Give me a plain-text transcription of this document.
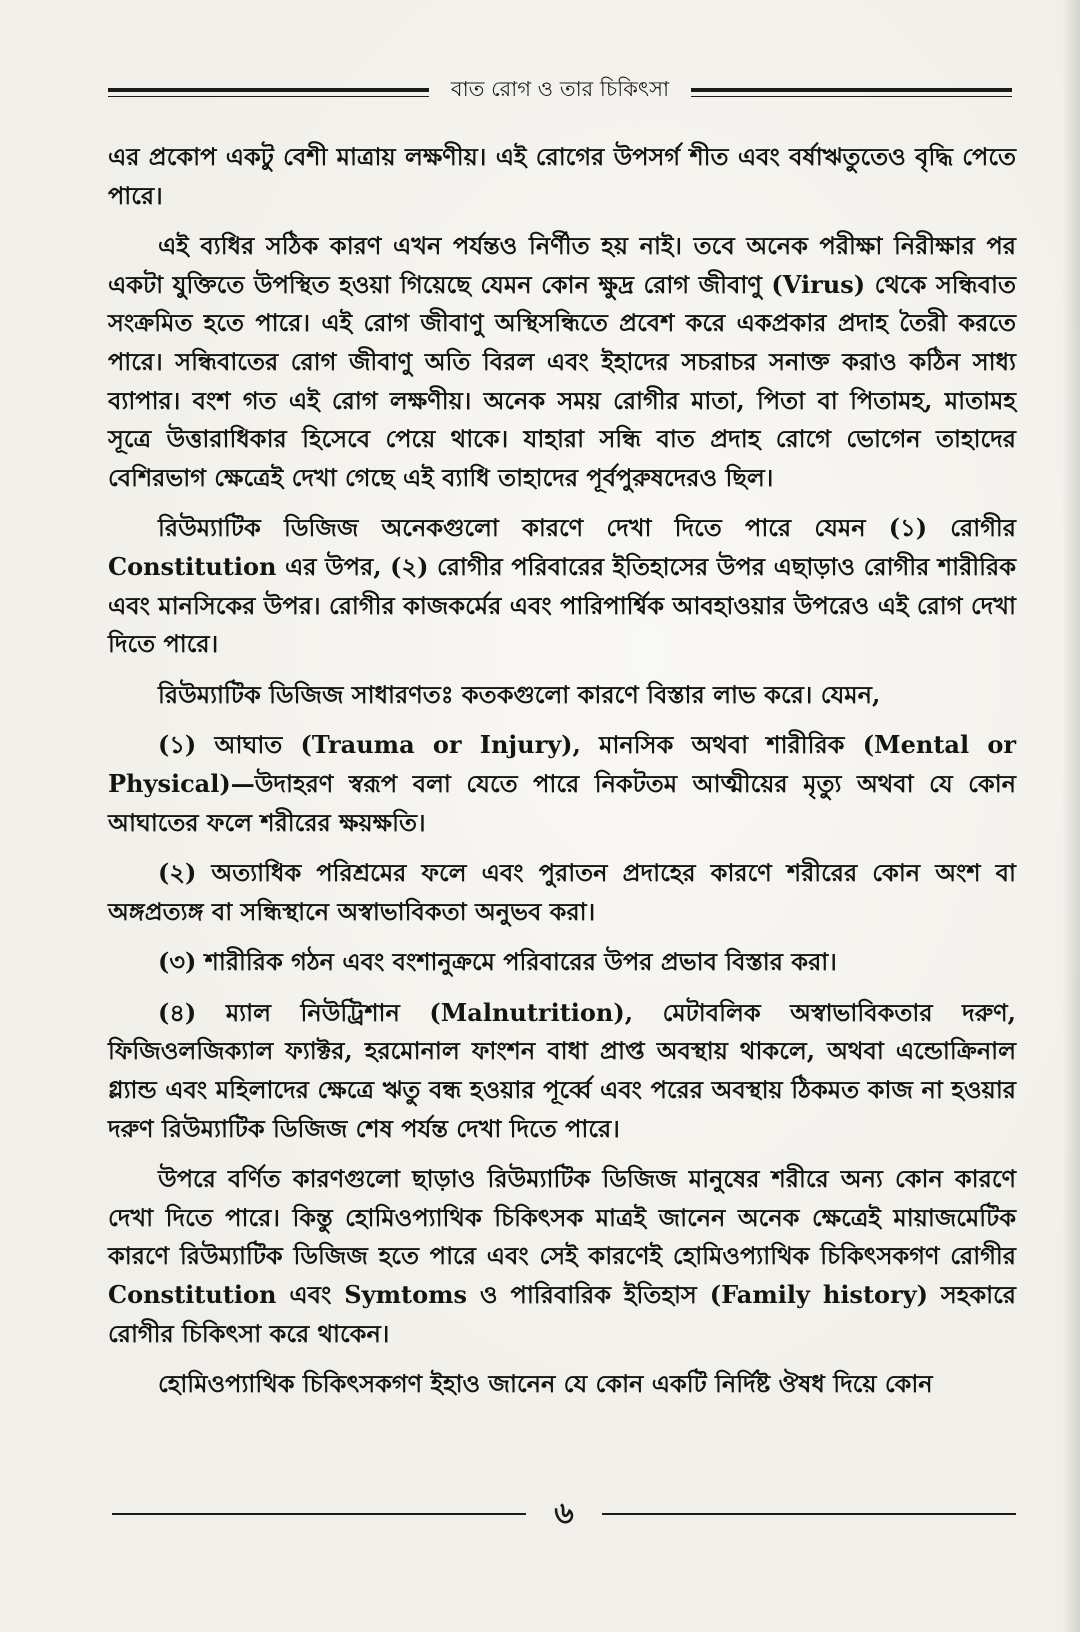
বাত রোগ ও তার চিকিৎসা

এর প্রকোপ একটু বেশী মাত্রায় লক্ষণীয়। এই রোগের উপসর্গ শীত এবং বর্ষাঋতুতেও বৃদ্ধি পেতে পারে।

এই ব্যধির সঠিক কারণ এখন পর্যন্তও নির্ণীত হয় নাই। তবে অনেক পরীক্ষা নিরীক্ষার পর একটা যুক্তিতে উপস্থিত হওয়া গিয়েছে যেমন কোন ক্ষুদ্র রোগ জীবাণু (Virus) থেকে সন্ধিবাত সংক্রমিত হতে পারে। এই রোগ জীবাণু অস্থিসন্ধিতে প্রবেশ করে একপ্রকার প্রদাহ তৈরী করতে পারে। সন্ধিবাতের রোগ জীবাণু অতি বিরল এবং ইহাদের সচরাচর সনাক্ত করাও কঠিন সাধ্য ব্যাপার। বংশ গত এই রোগ লক্ষণীয়। অনেক সময় রোগীর মাতা, পিতা বা পিতামহ, মাতামহ সূত্রে উত্তারাধিকার হিসেবে পেয়ে থাকে। যাহারা সন্ধি বাত প্রদাহ রোগে ভোগেন তাহাদের বেশিরভাগ ক্ষেত্রেই দেখা গেছে এই ব্যাধি তাহাদের পূর্বপুরুষদেরও ছিল।

রিউম্যাটিক ডিজিজ অনেকগুলো কারণে দেখা দিতে পারে যেমন (১) রোগীর Constitution এর উপর, (২) রোগীর পরিবারের ইতিহাসের উপর এছাড়াও রোগীর শারীরিক এবং মানসিকের উপর। রোগীর কাজকর্মের এবং পারিপার্শ্বিক আবহাওয়ার উপরেও এই রোগ দেখা দিতে পারে।

রিউম্যাটিক ডিজিজ সাধারণতঃ কতকগুলো কারণে বিস্তার লাভ করে। যেমন,

(১) আঘাত (Trauma or Injury), মানসিক অথবা শারীরিক (Mental or Physical)—উদাহরণ স্বরূপ বলা যেতে পারে নিকটতম আত্মীয়ের মৃত্যু অথবা যে কোন আঘাতের ফলে শরীরের ক্ষয়ক্ষতি।

(২) অত্যাধিক পরিশ্রমের ফলে এবং পুরাতন প্রদাহের কারণে শরীরের কোন অংশ বা অঙ্গপ্রত্যঙ্গ বা সন্ধিস্থানে অস্বাভাবিকতা অনুভব করা।

(৩) শারীরিক গঠন এবং বংশানুক্রমে পরিবারের উপর প্রভাব বিস্তার করা।

(৪) ম্যাল নিউট্রিশান (Malnutrition), মেটাবলিক অস্বাভাবিকতার দরুণ, ফিজিওলজিক্যাল ফ্যাক্টর, হরমোনাল ফাংশন বাধা প্রাপ্ত অবস্থায় থাকলে, অথবা এন্ডোক্রিনাল গ্ল্যান্ড এবং মহিলাদের ক্ষেত্রে ঋতু বন্ধ হওয়ার পূর্ব্বে এবং পরের অবস্থায় ঠিকমত কাজ না হওয়ার দরুণ রিউম্যাটিক ডিজিজ শেষ পর্যন্ত দেখা দিতে পারে।

উপরে বর্ণিত কারণগুলো ছাড়াও রিউম্যাটিক ডিজিজ মানুষের শরীরে অন্য কোন কারণে দেখা দিতে পারে। কিন্তু হোমিওপ্যাথিক চিকিৎসক মাত্রই জানেন অনেক ক্ষেত্রেই মায়াজমেটিক কারণে রিউম্যাটিক ডিজিজ হতে পারে এবং সেই কারণেই হোমিওপ্যাথিক চিকিৎসকগণ রোগীর Constitution এবং Symtoms ও পারিবারিক ইতিহাস (Family history) সহকারে রোগীর চিকিৎসা করে থাকেন।

হোমিওপ্যাথিক চিকিৎসকগণ ইহাও জানেন যে কোন একটি নির্দিষ্ট ঔষধ দিয়ে কোন

৬
